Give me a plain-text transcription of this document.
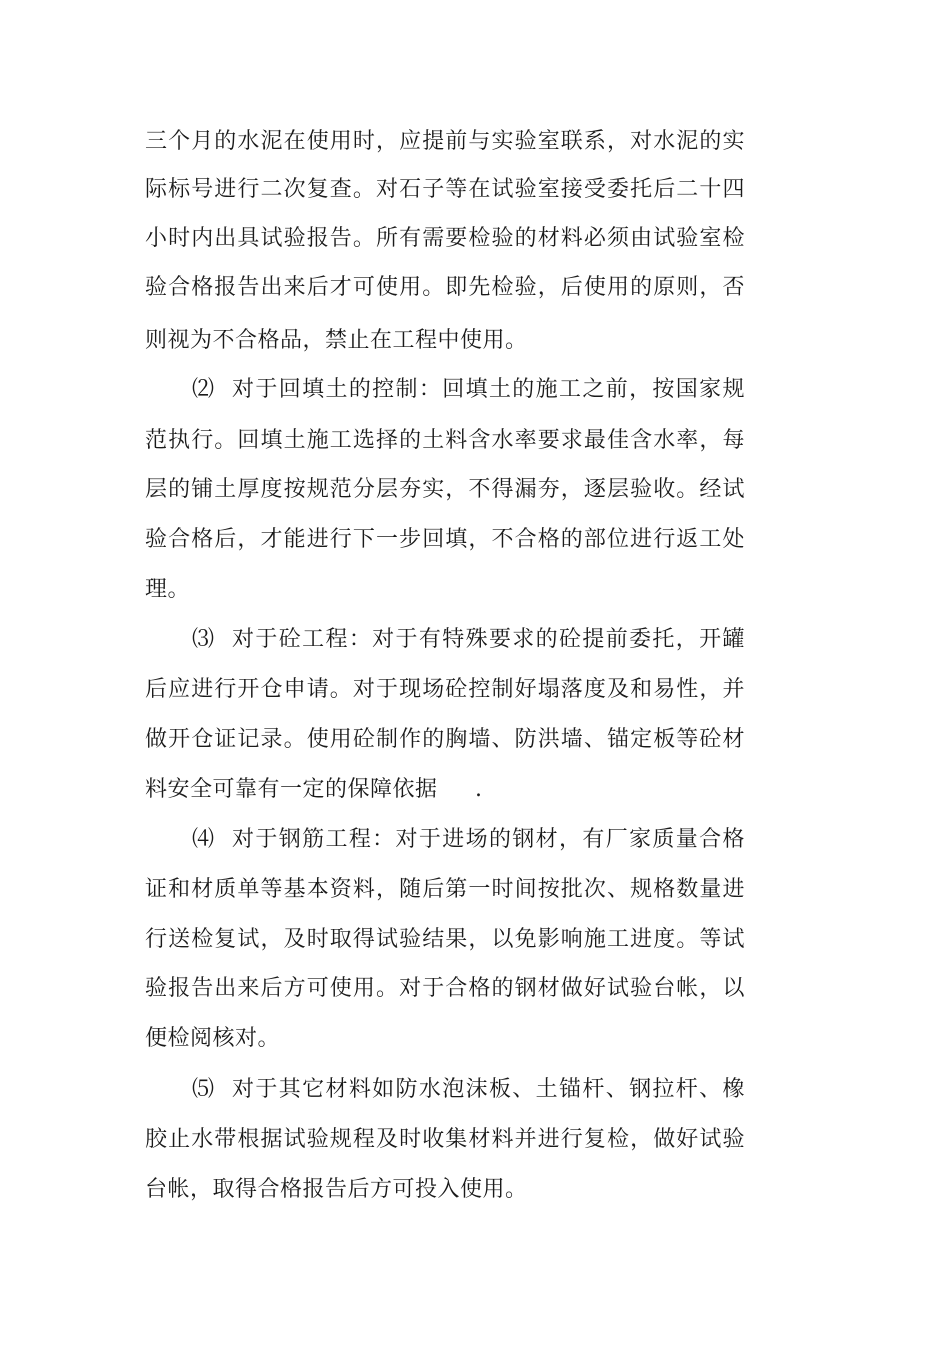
三个月的水泥在使用时，应提前与实验室联系，对水泥的实
际标号进行二次复查。对石子等在试验室接受委托后二十四
小时内出具试验报告。所有需要检验的材料必须由试验室检
验合格报告出来后才可使用。即先检验，后使用的原则，否
则视为不合格品，禁止在工程中使用。
⑵  对于回填土的控制：回填土的施工之前，按国家规
范执行。回填土施工选择的土料含水率要求最佳含水率，每
层的铺土厚度按规范分层夯实，不得漏夯，逐层验收。经试
验合格后，才能进行下一步回填，不合格的部位进行返工处
理。
⑶  对于砼工程：对于有特殊要求的砼提前委托，开罐
后应进行开仓申请。对于现场砼控制好塌落度及和易性，并
做开仓证记录。使用砼制作的胸墙、防洪墙、锚定板等砼材
料安全可靠有一定的保障依据     .
⑷  对于钢筋工程：对于进场的钢材，有厂家质量合格
证和材质单等基本资料，随后第一时间按批次、规格数量进
行送检复试，及时取得试验结果，以免影响施工进度。等试
验报告出来后方可使用。对于合格的钢材做好试验台帐，以
便检阅核对。
⑸  对于其它材料如防水泡沫板、土锚杆、钢拉杆、橡
胶止水带根据试验规程及时收集材料并进行复检，做好试验
台帐，取得合格报告后方可投入使用。
